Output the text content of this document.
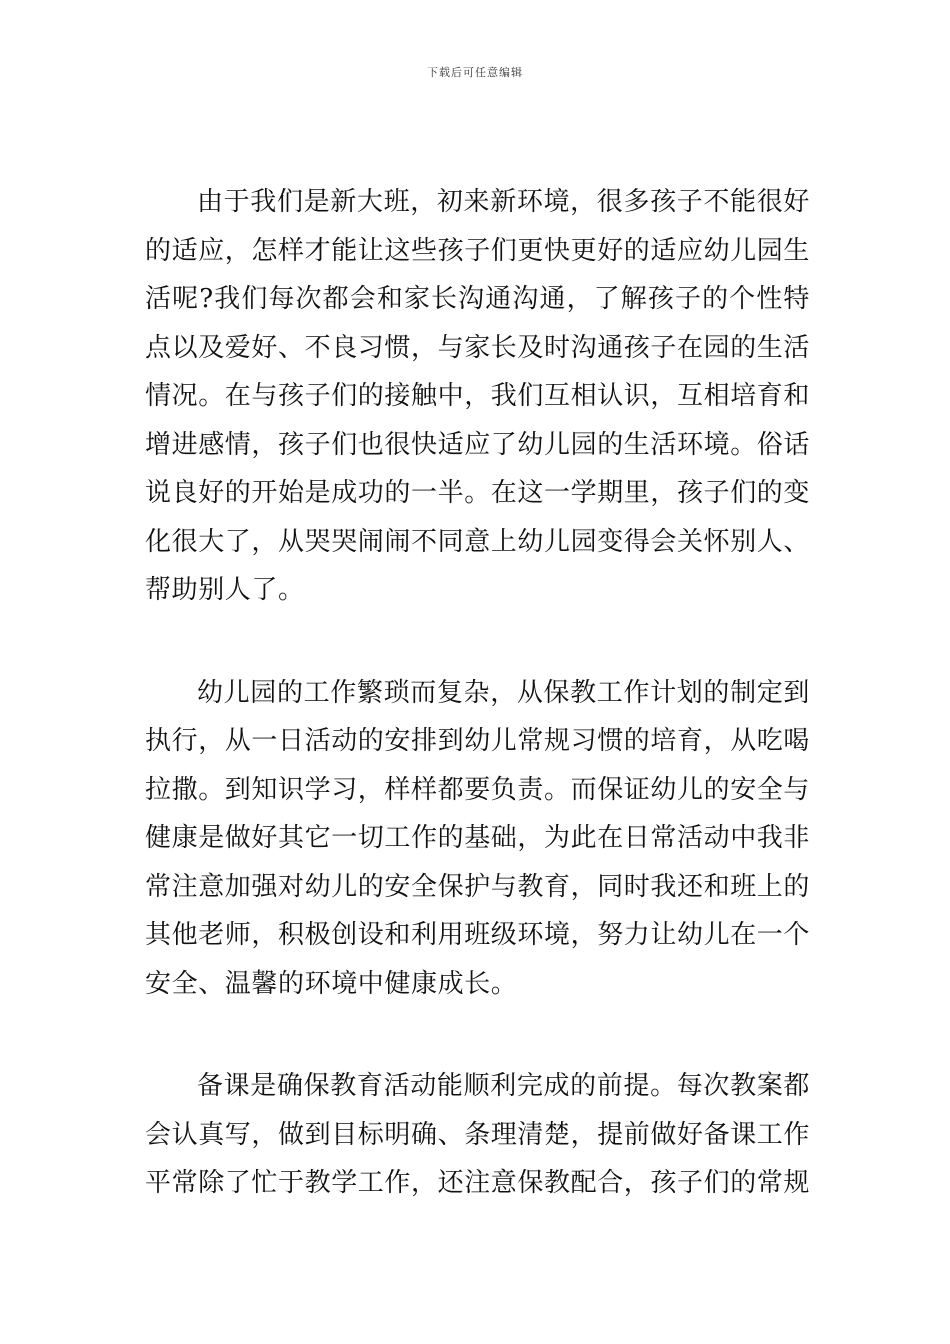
下载后可任意编辑

由于我们是新大班，初来新环境，很多孩子不能很好的适应，怎样才能让这些孩子们更快更好的适应幼儿园生活呢?我们每次都会和家长沟通沟通，了解孩子的个性特点以及爱好、不良习惯，与家长及时沟通孩子在园的生活情况。在与孩子们的接触中，我们互相认识，互相培育和增进感情，孩子们也很快适应了幼儿园的生活环境。俗话说良好的开始是成功的一半。在这一学期里，孩子们的变化很大了，从哭哭闹闹不同意上幼儿园变得会关怀别人、帮助别人了。

幼儿园的工作繁琐而复杂，从保教工作计划的制定到执行，从一日活动的安排到幼儿常规习惯的培育，从吃喝拉撒。到知识学习，样样都要负责。而保证幼儿的安全与健康是做好其它一切工作的基础，为此在日常活动中我非常注意加强对幼儿的安全保护与教育，同时我还和班上的其他老师，积极创设和利用班级环境，努力让幼儿在一个安全、温馨的环境中健康成长。

备课是确保教育活动能顺利完成的前提。每次教案都会认真写，做到目标明确、条理清楚，提前做好备课工作平常除了忙于教学工作，还注意保教配合，孩子们的常规
